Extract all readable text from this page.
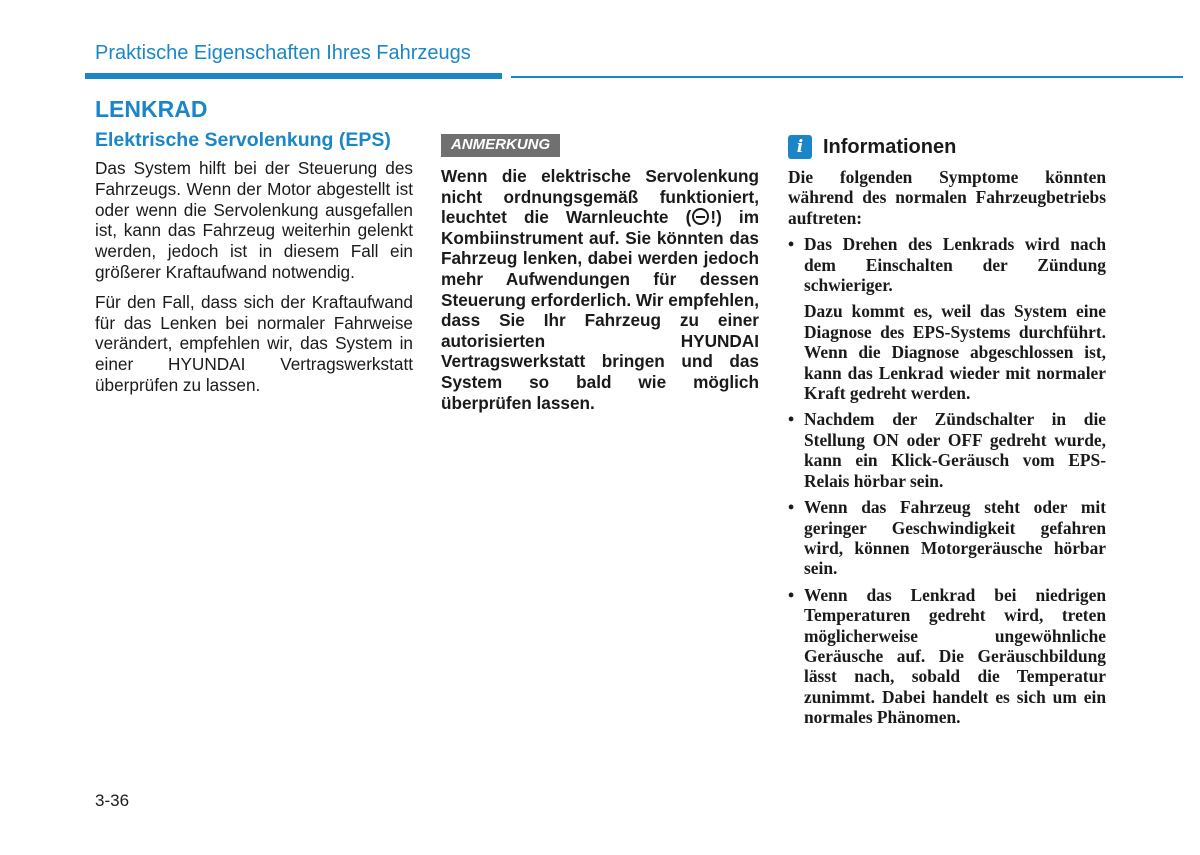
Praktische Eigenschaften Ihres Fahrzeugs
LENKRAD
Elektrische Servolenkung (EPS)

Das System hilft bei der Steuerung des Fahrzeugs. Wenn der Motor abgestellt ist oder wenn die Servolenkung ausgefallen ist, kann das Fahrzeug weiterhin gelenkt werden, jedoch ist in diesem Fall ein größerer Kraftaufwand notwendig.

Für den Fall, dass sich der Kraftaufwand für das Lenken bei normaler Fahrweise verändert, empfehlen wir, das System in einer HYUNDAI Vertragswerkstatt überprüfen zu lassen.

ANMERKUNG
Wenn die elektrische Servolenkung nicht ordnungsgemäß funktioniert, leuchtet die Warnleuchte ( !) im Kombiinstrument auf. Sie könnten das Fahrzeug lenken, dabei werden jedoch mehr Aufwendungen für dessen Steuerung erforderlich. Wir empfehlen, dass Sie Ihr Fahrzeug zu einer autorisierten HYUNDAI Vertragswerkstatt bringen und das System so bald wie möglich überprüfen lassen.
i Informationen

Die folgenden Symptome könnten während des normalen Fahrzeugbetriebs auftreten:

• Das Drehen des Lenkrads wird nach dem Einschalten der Zündung schwieriger.
Dazu kommt es, weil das System eine Diagnose des EPS-Systems durchführt. Wenn die Diagnose abgeschlossen ist, kann das Lenkrad wieder mit normaler Kraft gedreht werden.
• Nachdem der Zündschalter in die Stellung ON oder OFF gedreht wurde, kann ein Klick-Geräusch vom EPS-Relais hörbar sein.
• Wenn das Fahrzeug steht oder mit geringer Geschwindigkeit gefahren wird, können Motorgeräusche hörbar sein.
• Wenn das Lenkrad bei niedrigen Temperaturen gedreht wird, treten möglicherweise ungewöhnliche Geräusche auf. Die Geräuschbildung lässt nach, sobald die Temperatur zunimmt. Dabei handelt es sich um ein normales Phänomen.
3-36
